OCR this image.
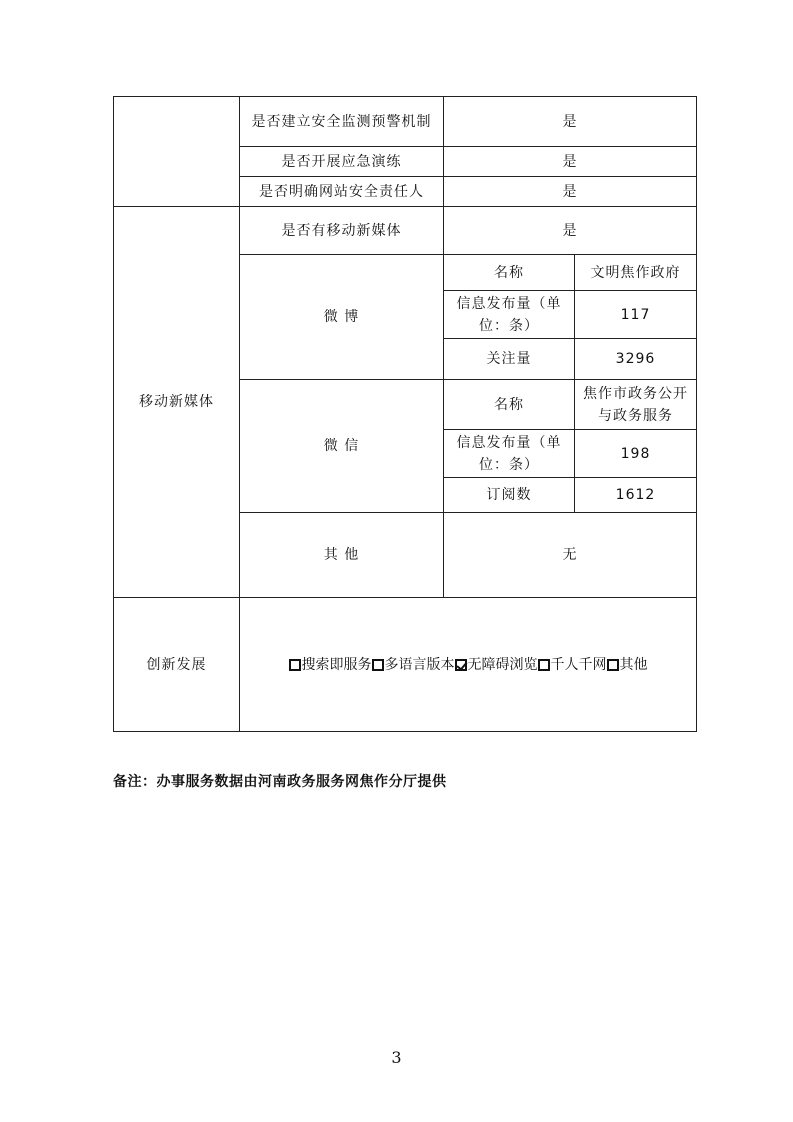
	是否建立安全监测预警机制	是	
	是否开展应急演练	是	
	是否明确网站安全责任人	是	
移动新媒体	是否有移动新媒体	是	
	微 博	名称	文明焦作政府
		信息发布量（单位：条）	117
		关注量	3296
	微 信	名称	焦作市政务公开与政务服务
		信息发布量（单位：条）	198
		订阅数	1612
	其 他	无	
创新发展	搜索即服务 多语言版本 无障碍浏览 千人千网 其他		
备注：办事服务数据由河南政务服务网焦作分厅提供
3
